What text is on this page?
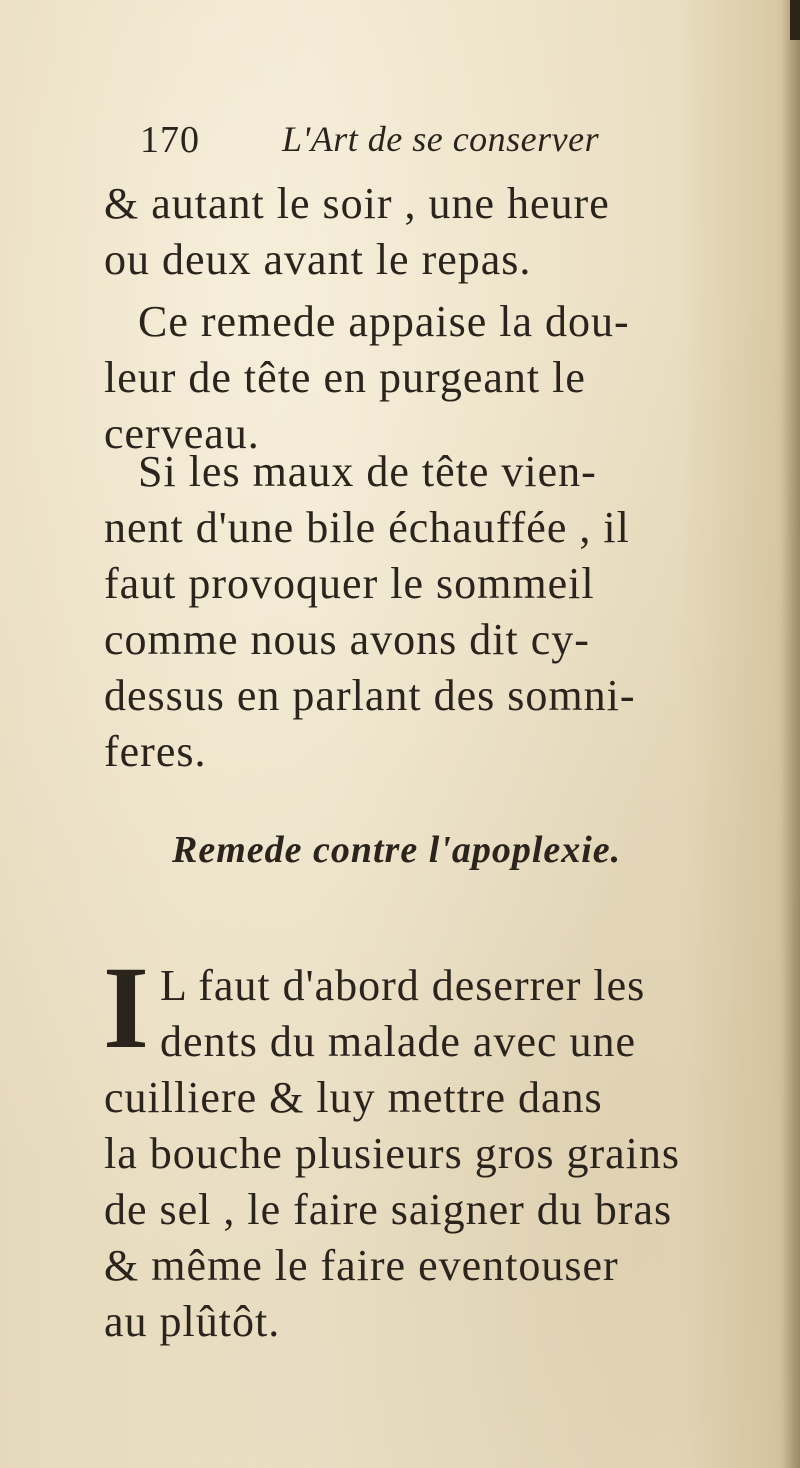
170 L'Art de se conserver
& autant le soir , une heure
ou deux avant le repas.
Ce remede appaise la dou-
leur de tête en purgeant le
cerveau.
Si les maux de tête vien-
nent d'une bile échauffée , il
faut provoquer le sommeil
comme nous avons dit cy-
dessus en parlant des somni-
feres.
Remede contre l'apoplexie.
I L faut d'abord deserrer les
dents du malade avec une
cuilliere & luy mettre dans
la bouche plusieurs gros grains
de sel , le faire saigner du bras
& même le faire eventouser
au plûtôt.
